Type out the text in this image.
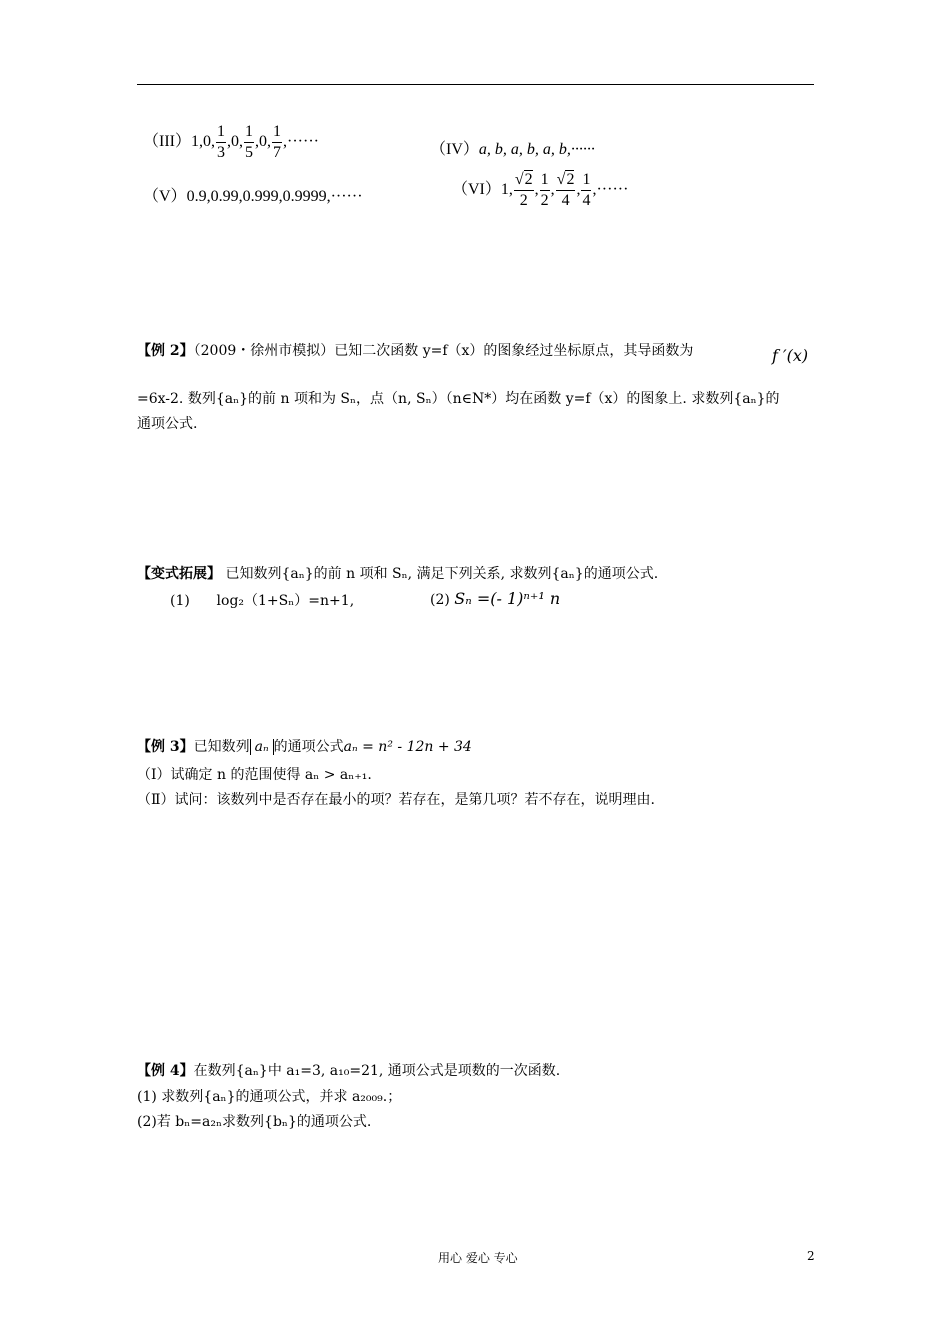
（III）1,0, $\frac{1}{3} ,0$, $\frac{1}{5} ,0$, $\frac{1}{7}$ ,······	（IV）a, b, a, b, a, b,······
（V）0.9,0.99,0.999,0.9999,······	（VI）1, $\frac{√2}{2}$ , $\frac{1}{2}$ , $\frac{√2}{4}$ , $\frac{1}{4}$ ,······
【例 2】（2009・徐州市模拟）已知二次函数 y=f（x）的图象经过坐标原点，其导函数为	f ′(x)
=6x-2. 数列{aₙ}的前 n 项和为 Sₙ，点（n, Sₙ）（n∈N*）均在函数 y=f（x）的图象上. 求数列{aₙ}的
通项公式.
【变式拓展】 已知数列{aₙ}的前 n 项和 Sₙ, 满足下列关系, 求数列{aₙ}的通项公式.
(1) log₂（1+Sₙ）=n+1,	(2) Sₙ =(- 1)ⁿ⁺¹ n
【例 3】已知数列 aₙ 的通项公式aₙ = n² - 12n + 34
（Ⅰ）试确定 n 的范围使得 aₙ > aₙ₊₁.
（Ⅱ）试问：该数列中是否存在最小的项？若存在，是第几项？若不存在，说明理由.
【例 4】在数列{aₙ}中 a₁=3, a₁₀=21, 通项公式是项数的一次函数.
(1) 求数列{aₙ}的通项公式，并求 a₂₀₀₉.；
(2)若 bₙ=a₂ₙ求数列{bₙ}的通项公式.
用心 爱心 专心	2
